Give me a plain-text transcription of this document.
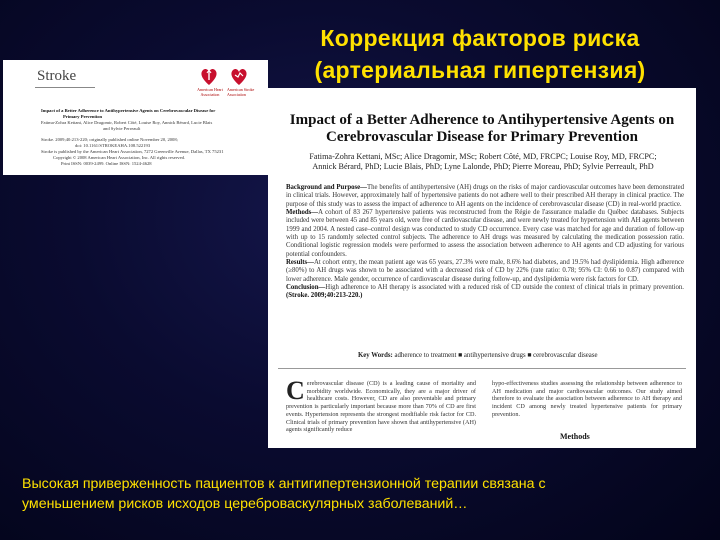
Коррекция факторов риска
(артериальная гипертензия)
Stroke
American Heart Association
American Stroke Association
Impact of a Better Adherence to Antihypertensive Agents on Cerebrovascular Disease for
Primary Prevention
Fatima-Zohra Kettani, Alice Dragomir, Robert Côté, Louise Roy, Annick Bérard, Lucie Blais
and Sylvie Perreault
Stroke. 2009;40:213-220; originally published online November 20, 2008;
doi: 10.1161/STROKEAHA.108.522193
Stroke is published by the American Heart Association, 7272 Greenville Avenue, Dallas, TX 75231
Copyright © 2008 American Heart Association, Inc. All rights reserved.
Print ISSN: 0039-2499. Online ISSN: 1524-4628
Impact of a Better Adherence to Antihypertensive Agents on
Cerebrovascular Disease for Primary Prevention
Fatima-Zohra Kettani, MSc; Alice Dragomir, MSc; Robert Côté, MD, FRCPC; Louise Roy, MD, FRCPC;
Annick Bérard, PhD; Lucie Blais, PhD; Lyne Lalonde, PhD; Pierre Moreau, PhD; Sylvie Perreault, PhD
Background and Purpose—The benefits of antihypertensive (AH) drugs on the risks of major cardiovascular outcomes have been demonstrated in clinical trials. However, approximately half of hypertensive patients do not adhere well to their prescribed AH therapy in clinical practice. The purpose of this study was to assess the impact of adherence to AH agents on the incidence of cerebrovascular disease (CD) in real-world practice.
Methods—A cohort of 83 267 hypertensive patients was reconstructed from the Régie de l'assurance maladie du Québec databases. Subjects included were between 45 and 85 years old, were free of cardiovascular disease, and were newly treated for hypertension with AH agents between 1999 and 2004. A nested case–control design was conducted to study CD occurrence. Every case was matched for age and duration of follow-up with up to 15 randomly selected control subjects. The adherence to AH drugs was measured by calculating the medication possession ratio. Conditional logistic regression models were performed to assess the association between adherence to AH agents and CD adjusting for various potential confounders.
Results—At cohort entry, the mean patient age was 65 years, 27.3% were male, 8.6% had diabetes, and 19.5% had dyslipidemia. High adherence (≥80%) to AH drugs was shown to be associated with a decreased risk of CD by 22% (rate ratio: 0.78; 95% CI: 0.66 to 0.87) compared with lower adherence. Male gender, occurrence of cardiovascular disease during follow-up, and dyslipidemia were risk factors for CD.
Conclusion—High adherence to AH therapy is associated with a reduced risk of CD outside the context of clinical trials in primary prevention. (Stroke. 2009;40:213-220.)
Key Words: adherence to treatment ■ antihypertensive drugs ■ cerebrovascular disease
Cerebrovascular disease (CD) is a leading cause of mortality and morbidity worldwide. Economically, they are a major driver of healthcare costs. However, CD are also preventable and primary prevention is particularly important because more than 70% of CD are first events. Hypertension represents the strongest modifiable risk factor for CD. Clinical trials of primary prevention have shown that antihypertensive (AH) agents significantly reduce
hypo-effectiveness studies assessing the relationship between adherence to AH medication and major cardiovascular outcomes. Our study aimed therefore to evaluate the association between adherence to AH therapy and incident CD among newly treated hypertensive patients for primary prevention.
Methods
Высокая приверженность пациентов к антигипертензионной терапии связана с
уменьшением рисков исходов цереброваскулярных заболеваний…
